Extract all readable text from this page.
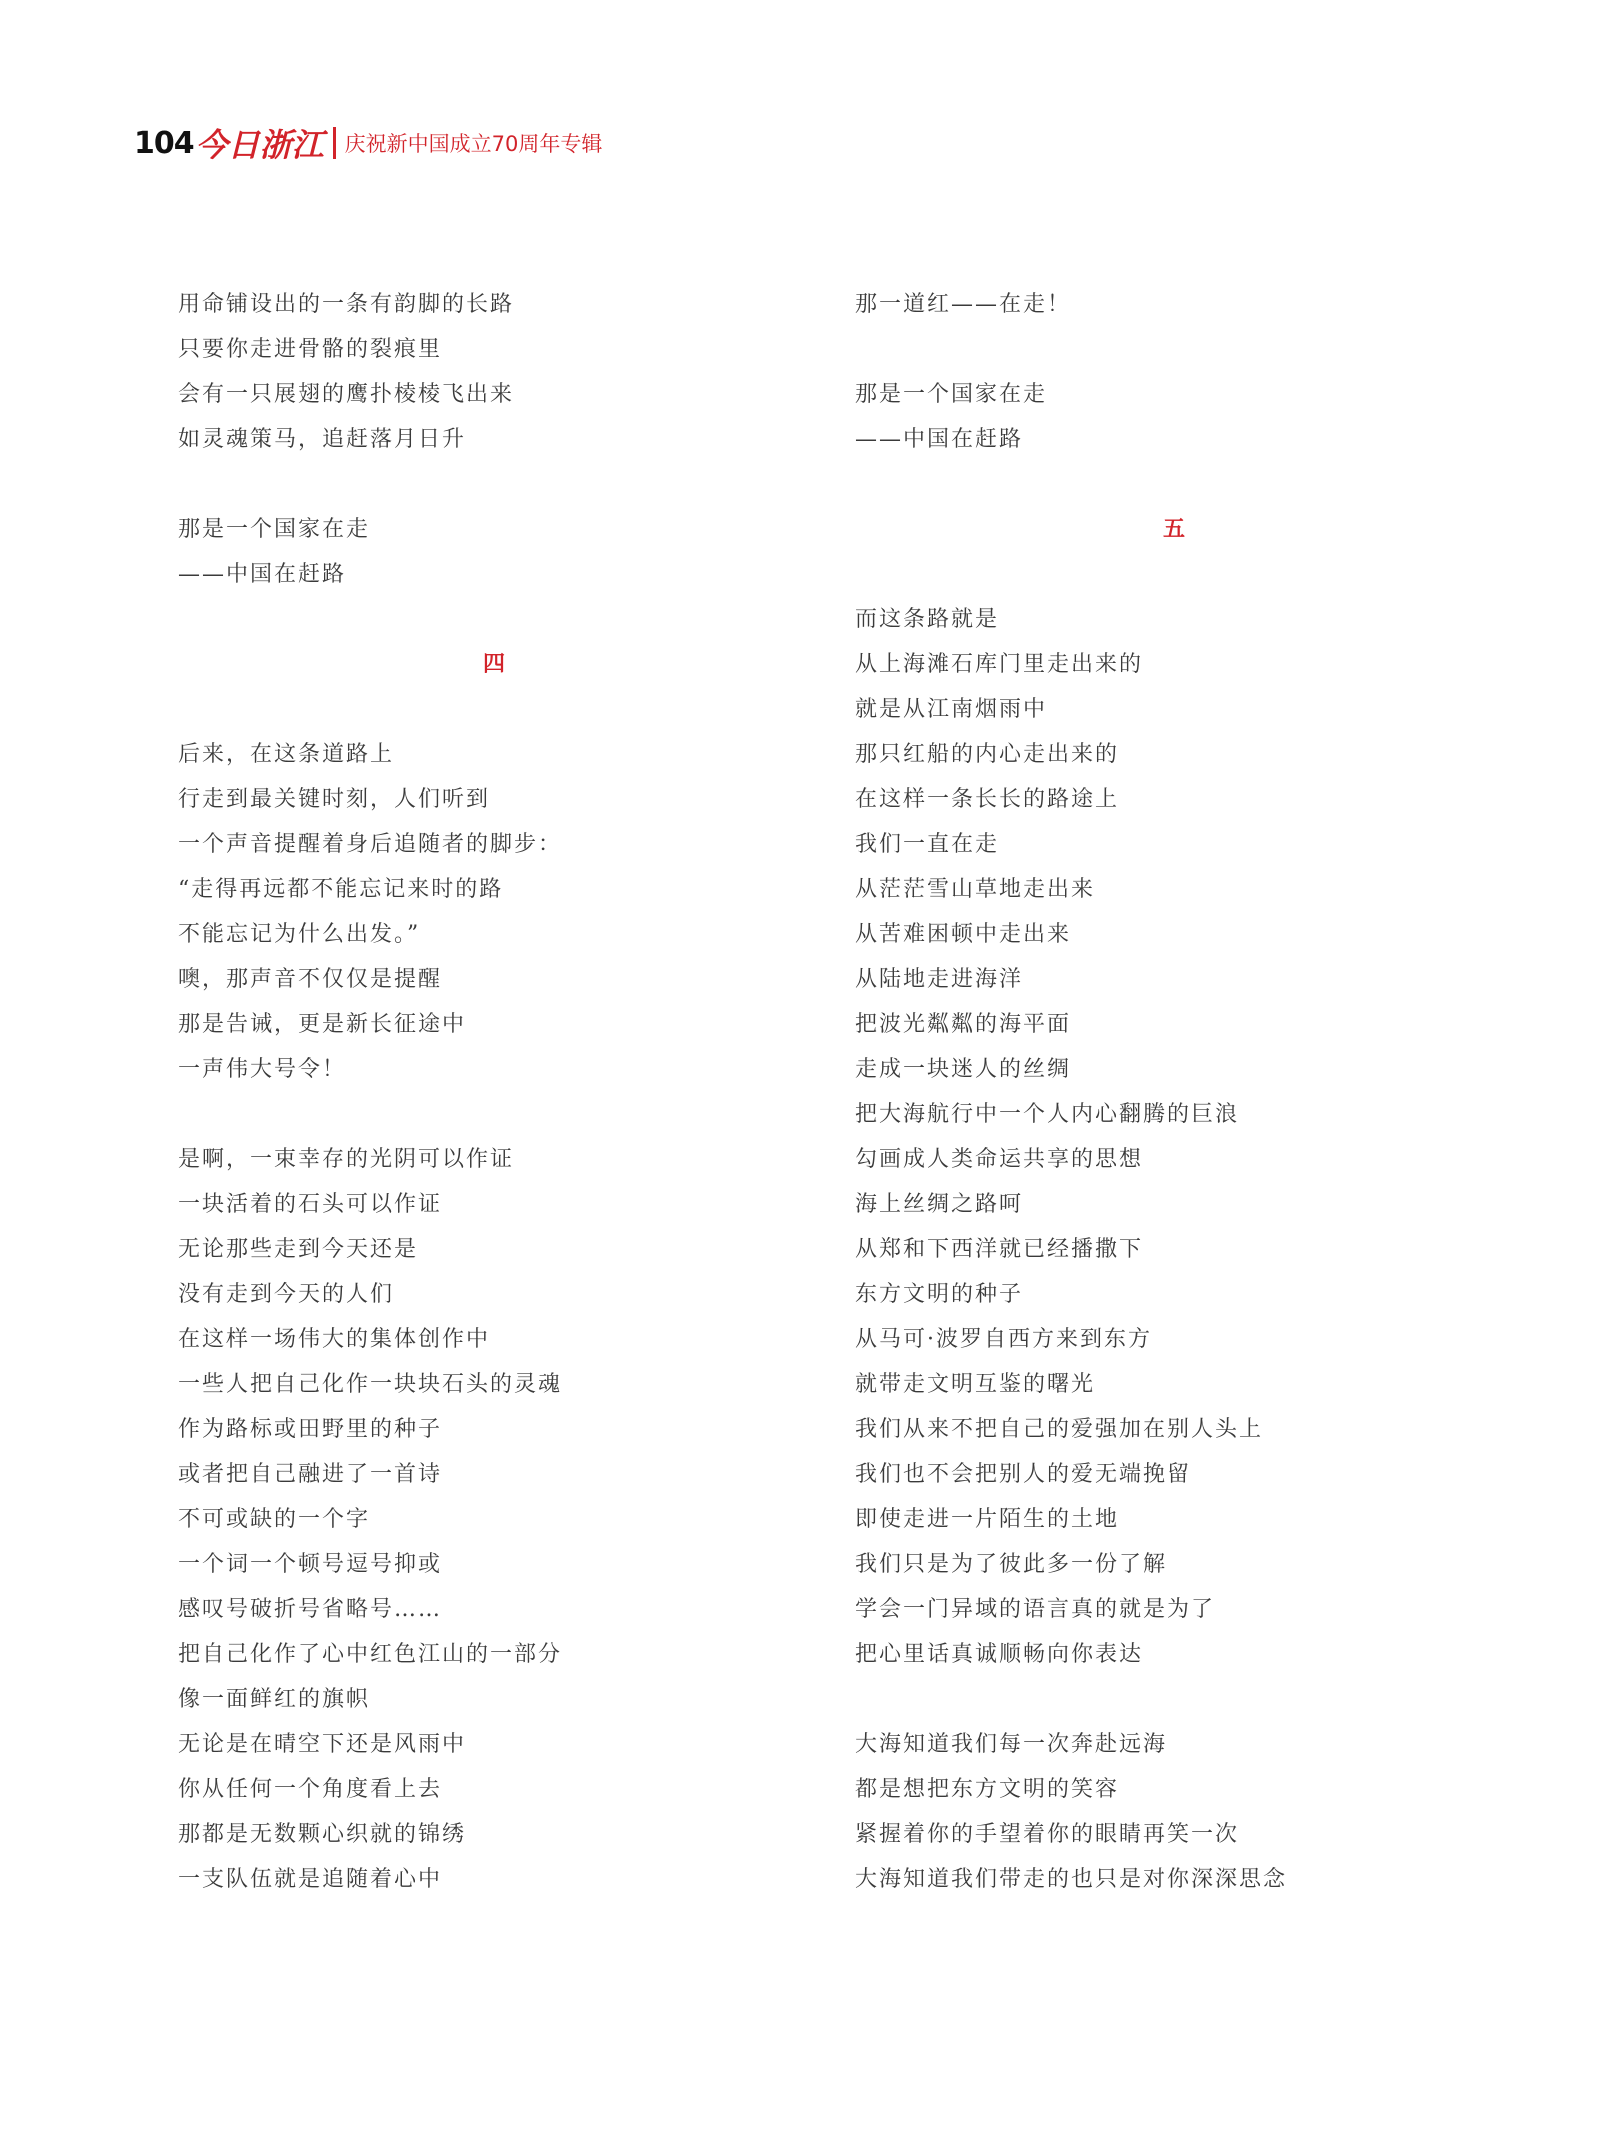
104 今日浙江 庆祝新中国成立70周年专辑
用命铺设出的一条有韵脚的长路
只要你走进骨骼的裂痕里
会有一只展翅的鹰扑棱棱飞出来
如灵魂策马，追赶落月日升
那是一个国家在走
——中国在赶路
四
后来，在这条道路上
行走到最关键时刻，人们听到
一个声音提醒着身后追随者的脚步：
“走得再远都不能忘记来时的路
不能忘记为什么出发。”
噢，那声音不仅仅是提醒
那是告诫，更是新长征途中
一声伟大号令！
是啊，一束幸存的光阴可以作证
一块活着的石头可以作证
无论那些走到今天还是
没有走到今天的人们
在这样一场伟大的集体创作中
一些人把自己化作一块块石头的灵魂
作为路标或田野里的种子
或者把自己融进了一首诗
不可或缺的一个字
一个词一个顿号逗号抑或
感叹号破折号省略号……
把自己化作了心中红色江山的一部分
像一面鲜红的旗帜
无论是在晴空下还是风雨中
你从任何一个角度看上去
那都是无数颗心织就的锦绣
一支队伍就是追随着心中
那一道红——在走！
那是一个国家在走
——中国在赶路
五
而这条路就是
从上海滩石库门里走出来的
就是从江南烟雨中
那只红船的内心走出来的
在这样一条长长的路途上
我们一直在走
从茫茫雪山草地走出来
从苦难困顿中走出来
从陆地走进海洋
把波光粼粼的海平面
走成一块迷人的丝绸
把大海航行中一个人内心翻腾的巨浪
勾画成人类命运共享的思想
海上丝绸之路呵
从郑和下西洋就已经播撒下
东方文明的种子
从马可·波罗自西方来到东方
就带走文明互鉴的曙光
我们从来不把自己的爱强加在别人头上
我们也不会把别人的爱无端挽留
即使走进一片陌生的土地
我们只是为了彼此多一份了解
学会一门异域的语言真的就是为了
把心里话真诚顺畅向你表达
大海知道我们每一次奔赴远海
都是想把东方文明的笑容
紧握着你的手望着你的眼睛再笑一次
大海知道我们带走的也只是对你深深思念
